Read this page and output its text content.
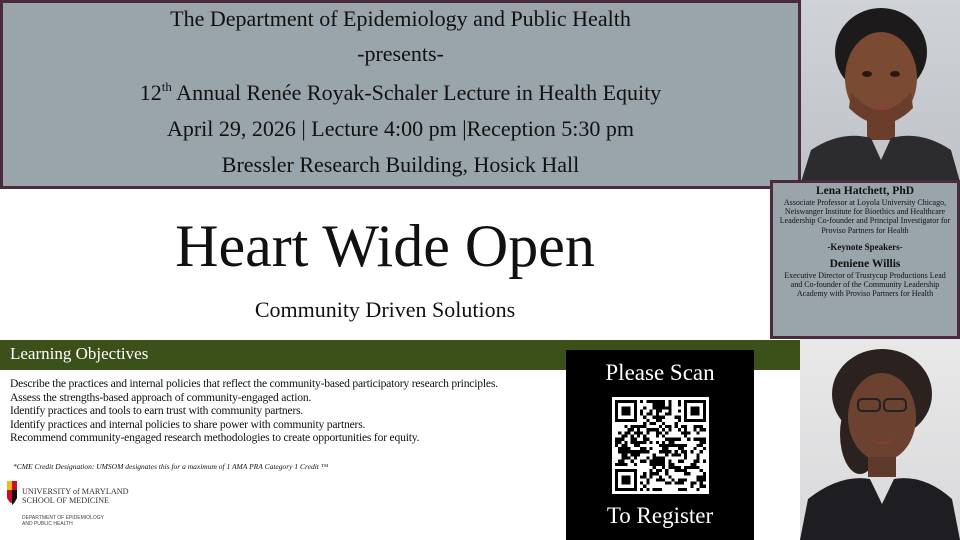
The Department of Epidemiology and Public Health
-presents-
12th Annual Renée Royak-Schaler Lecture in Health Equity
April 29, 2026 | Lecture 4:00 pm |Reception 5:30 pm
Bressler Research Building, Hosick Hall
Lena Hatchett, PhD
Associate Professor at Loyola University Chicago, Neiswanger Institute for Bioethics and Healthcare Leadership Co-founder and Principal Investigator for Proviso Partners for Health
-Keynote Speakers-
Deniene Willis
Executive Director of Trustycup Productions Lead and Co-founder of the Community Leadership Academy with Proviso Partners for Health
Heart Wide Open
Community Driven Solutions
Learning Objectives
Describe the practices and internal policies that reflect the community-based participatory research principles.
Assess the strengths-based approach of community-engaged action.
Identify practices and tools to earn trust with community partners.
Identify practices and internal policies to share power with community partners.
Recommend community-engaged research methodologies to create opportunities for equity.
*CME Credit Designation: UMSOM designates this for a maximum of 1 AMA PRA Category 1 Credit ™
UNIVERSITY of MARYLAND
SCHOOL OF MEDICINE
DEPARTMENT OF EPIDEMIOLOGY
AND PUBLIC HEALTH
Please Scan
To Register
